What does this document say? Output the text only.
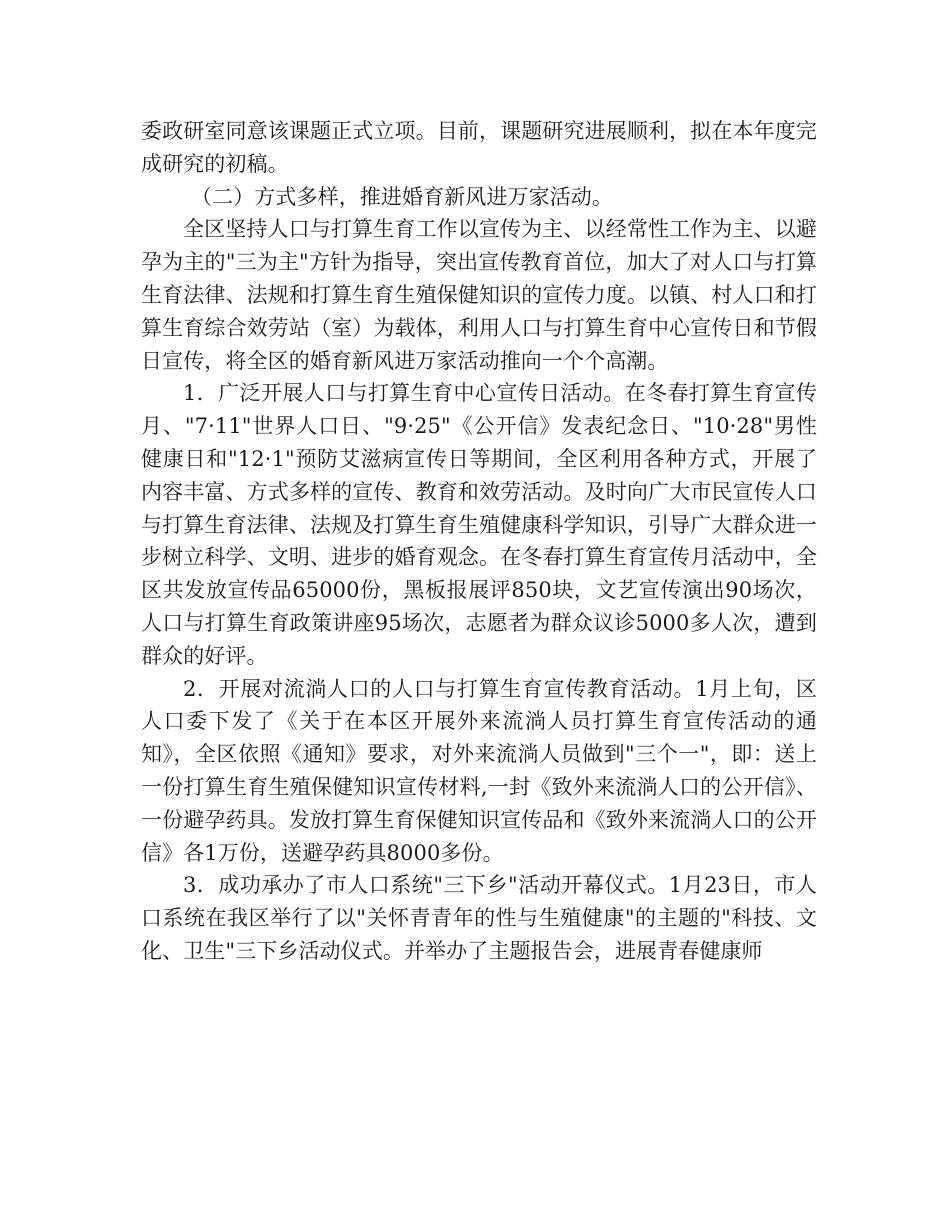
委政研室同意该课题正式立项。目前，课题研究进展顺利，拟在本年度完成研究的初稿。

（二）方式多样，推进婚育新风进万家活动。

全区坚持人口与打算生育工作以宣传为主、以经常性工作为主、以避孕为主的"三为主"方针为指导，突出宣传教育首位，加大了对人口与打算生育法律、法规和打算生育生殖保健知识的宣传力度。以镇、村人口和打算生育综合效劳站（室）为载体，利用人口与打算生育中心宣传日和节假日宣传，将全区的婚育新风进万家活动推向一个个高潮。

1．广泛开展人口与打算生育中心宣传日活动。在冬春打算生育宣传月、"7·11"世界人口日、"9·25"《公开信》发表纪念日、"10·28"男性健康日和"12·1"预防艾滋病宣传日等期间，全区利用各种方式，开展了内容丰富、方式多样的宣传、教育和效劳活动。及时向广大市民宣传人口与打算生育法律、法规及打算生育生殖健康科学知识，引导广大群众进一步树立科学、文明、进步的婚育观念。在冬春打算生育宣传月活动中，全区共发放宣传品65000份，黑板报展评850块，文艺宣传演出90场次，人口与打算生育政策讲座95场次，志愿者为群众议诊5000多人次，遭到群众的好评。

2．开展对流淌人口的人口与打算生育宣传教育活动。1月上旬，区人口委下发了《关于在本区开展外来流淌人员打算生育宣传活动的通知》，全区依照《通知》要求，对外来流淌人员做到"三个一"，即：送上一份打算生育生殖保健知识宣传材料,一封《致外来流淌人口的公开信》、一份避孕药具。发放打算生育保健知识宣传品和《致外来流淌人口的公开信》各1万份，送避孕药具8000多份。

3．成功承办了市人口系统"三下乡"活动开幕仪式。1月23日，市人口系统在我区举行了以"关怀青青年的性与生殖健康"的主题的"科技、文化、卫生"三下乡活动仪式。并举办了主题报告会，进展青春健康师
